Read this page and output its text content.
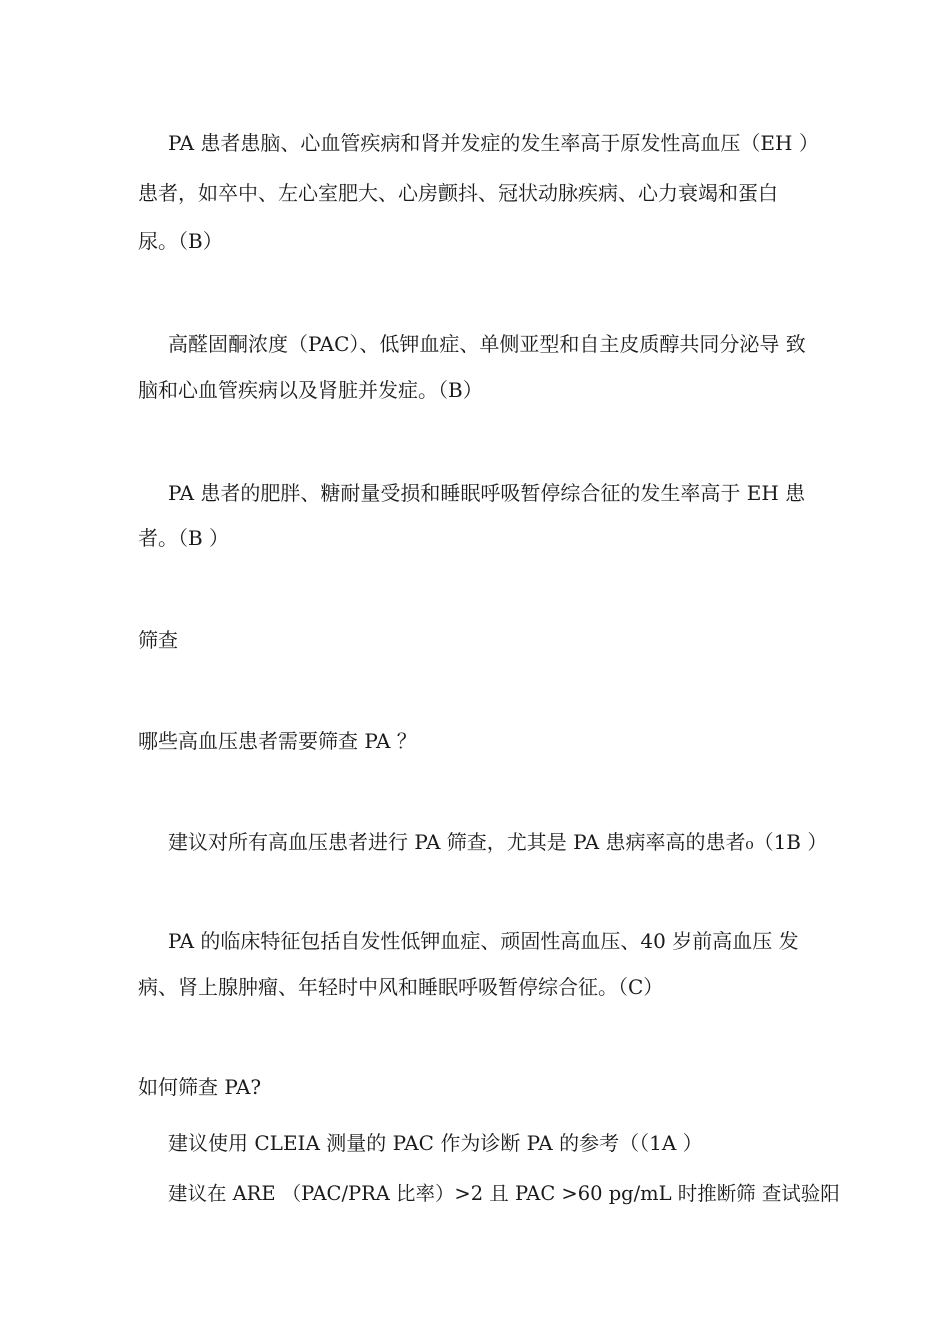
PA 患者患脑、心血管疾病和肾并发症的发生率高于原发性高血压（EH ）

患者，如卒中、左心室肥大、心房颤抖、冠状动脉疾病、心力衰竭和蛋白

尿。（B）

高醛固酮浓度（PAC）、低钾血症、单侧亚型和自主皮质醇共同分泌导 致

脑和心血管疾病以及肾脏并发症。（B）

PA 患者的肥胖、糖耐量受损和睡眠呼吸暂停综合征的发生率高于 EH 患

者。（B ）

筛查

哪些高血压患者需要筛查 PA ？

建议对所有高血压患者进行 PA 筛查，尤其是 PA 患病率高的患者₀（1B ）

PA 的临床特征包括自发性低钾血症、顽固性高血压、40 岁前高血压 发

病、肾上腺肿瘤、年轻时中风和睡眠呼吸暂停综合征。（C）

如何筛查 PA?

建议使用 CLEIA 测量的 PAC 作为诊断 PA 的参考（（1A ）

建议在 ARE （PAC/PRA 比率）>2 且 PAC >60 pg/mL 时推断筛 查试验阳
